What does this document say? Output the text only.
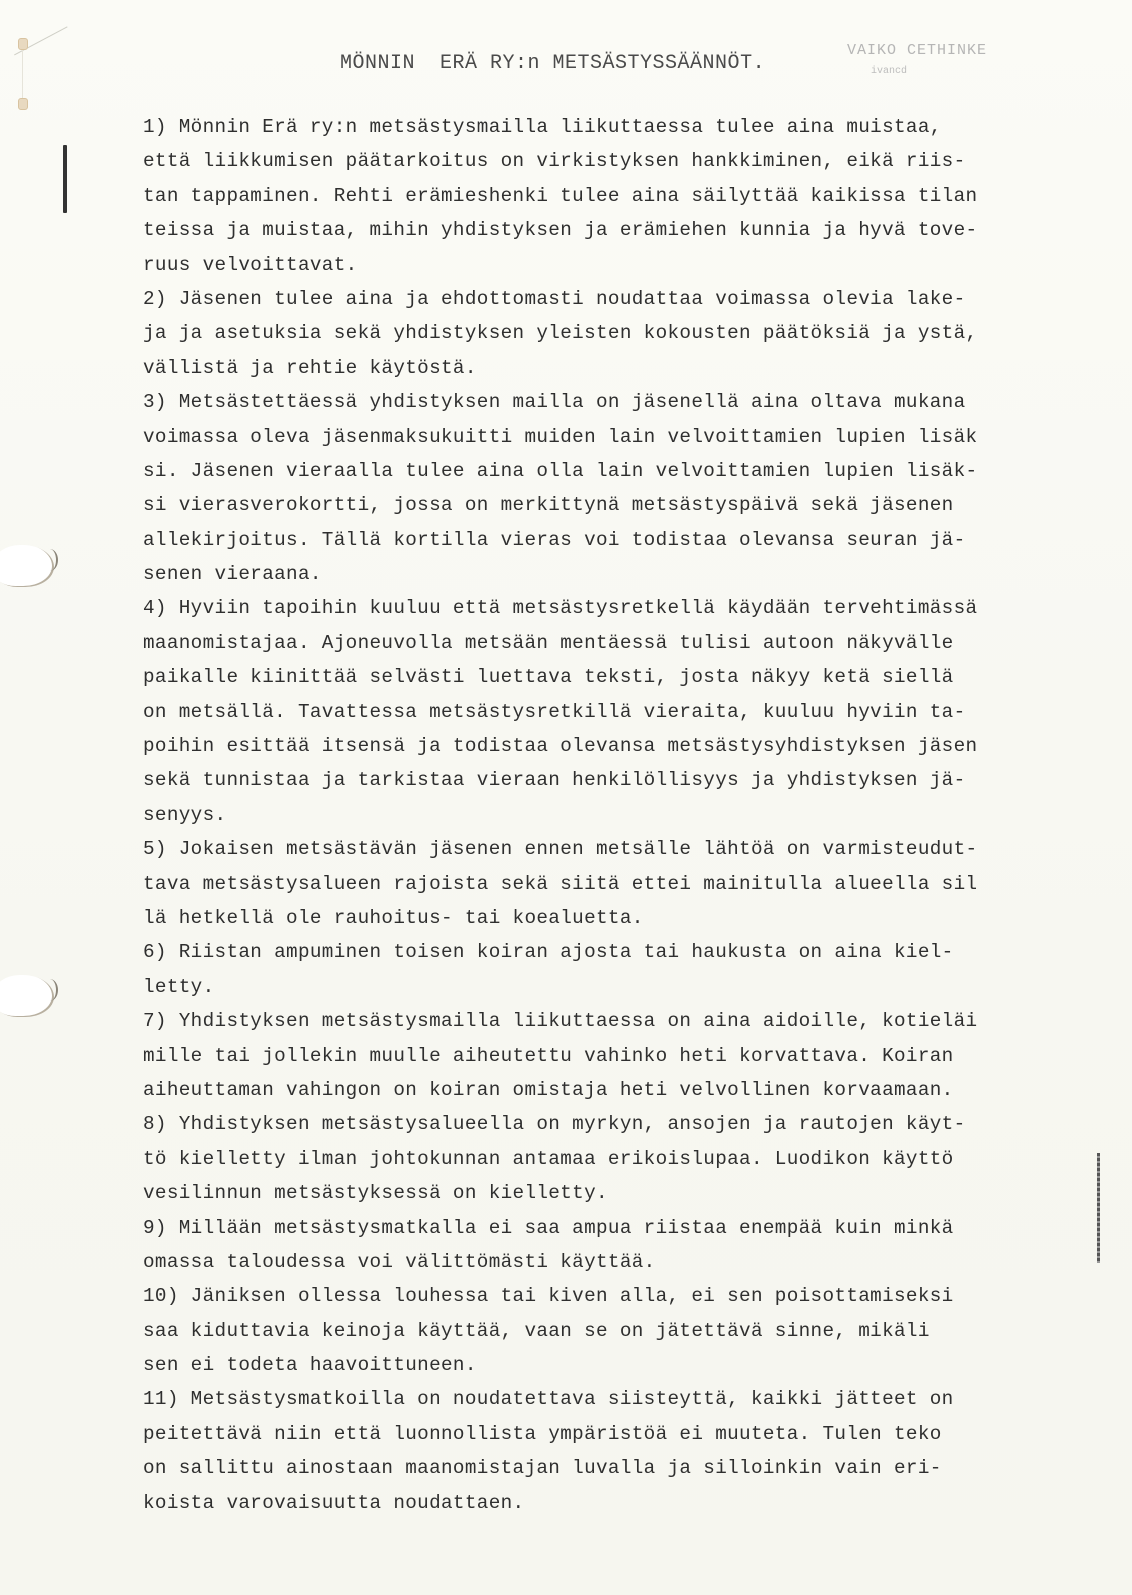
VAIKO CETHINKE
ivancd
MÖNNIN  ERÄ RY:n METSÄSTYSSÄÄNNÖT.
1) Mönnin Erä ry:n metsästysmailla liikuttaessa tulee aina muistaa,
että liikkumisen päätarkoitus on virkistyksen hankkiminen, eikä riis-
tan tappaminen. Rehti erämieshenki tulee aina säilyttää kaikissa tilan
teissa ja muistaa, mihin yhdistyksen ja erämiehen kunnia ja hyvä tove-
ruus velvoittavat.
2) Jäsenen tulee aina ja ehdottomasti noudattaa voimassa olevia lake-
ja ja asetuksia sekä yhdistyksen yleisten kokousten päätöksiä ja ystä,
vällistä ja rehtie käytöstä.
3) Metsästettäessä yhdistyksen mailla on jäsenellä aina oltava mukana
voimassa oleva jäsenmaksukuitti muiden lain velvoittamien lupien lisäk
si. Jäsenen vieraalla tulee aina olla lain velvoittamien lupien lisäk-
si vierasverokortti, jossa on merkittynä metsästyspäivä sekä jäsenen
allekirjoitus. Tällä kortilla vieras voi todistaa olevansa seuran jä-
senen vieraana.
4) Hyviin tapoihin kuuluu että metsästysretkellä käydään tervehtimässä
maanomistajaa. Ajoneuvolla metsään mentäessä tulisi autoon näkyvälle
paikalle kiinittää selvästi luettava teksti, josta näkyy ketä siellä
on metsällä. Tavattessa metsästysretkillä vieraita, kuuluu hyviin ta-
poihin esittää itsensä ja todistaa olevansa metsästysyhdistyksen jäsen
sekä tunnistaa ja tarkistaa vieraan henkilöllisyys ja yhdistyksen jä-
senyys.
5) Jokaisen metsästävän jäsenen ennen metsälle lähtöä on varmisteudut-
tava metsästysalueen rajoista sekä siitä ettei mainitulla alueella sil
lä hetkellä ole rauhoitus- tai koealuetta.
6) Riistan ampuminen toisen koiran ajosta tai haukusta on aina kiel-
letty.
7) Yhdistyksen metsästysmailla liikuttaessa on aina aidoille, kotieläi
mille tai jollekin muulle aiheutettu vahinko heti korvattava. Koiran
aiheuttaman vahingon on koiran omistaja heti velvollinen korvaamaan.
8) Yhdistyksen metsästysalueella on myrkyn, ansojen ja rautojen käyt-
tö kielletty ilman johtokunnan antamaa erikoislupaa. Luodikon käyttö
vesilinnun metsästyksessä on kielletty.
9) Millään metsästysmatkalla ei saa ampua riistaa enempää kuin minkä
omassa taloudessa voi välittömästi käyttää.
10) Jäniksen ollessa louhessa tai kiven alla, ei sen poisottamiseksi
saa kiduttavia keinoja käyttää, vaan se on jätettävä sinne, mikäli
sen ei todeta haavoittuneen.
11) Metsästysmatkoilla on noudatettava siisteyttä, kaikki jätteet on
peitettävä niin että luonnollista ympäristöä ei muuteta. Tulen teko
on sallittu ainostaan maanomistajan luvalla ja silloinkin vain eri-
koista varovaisuutta noudattaen.
